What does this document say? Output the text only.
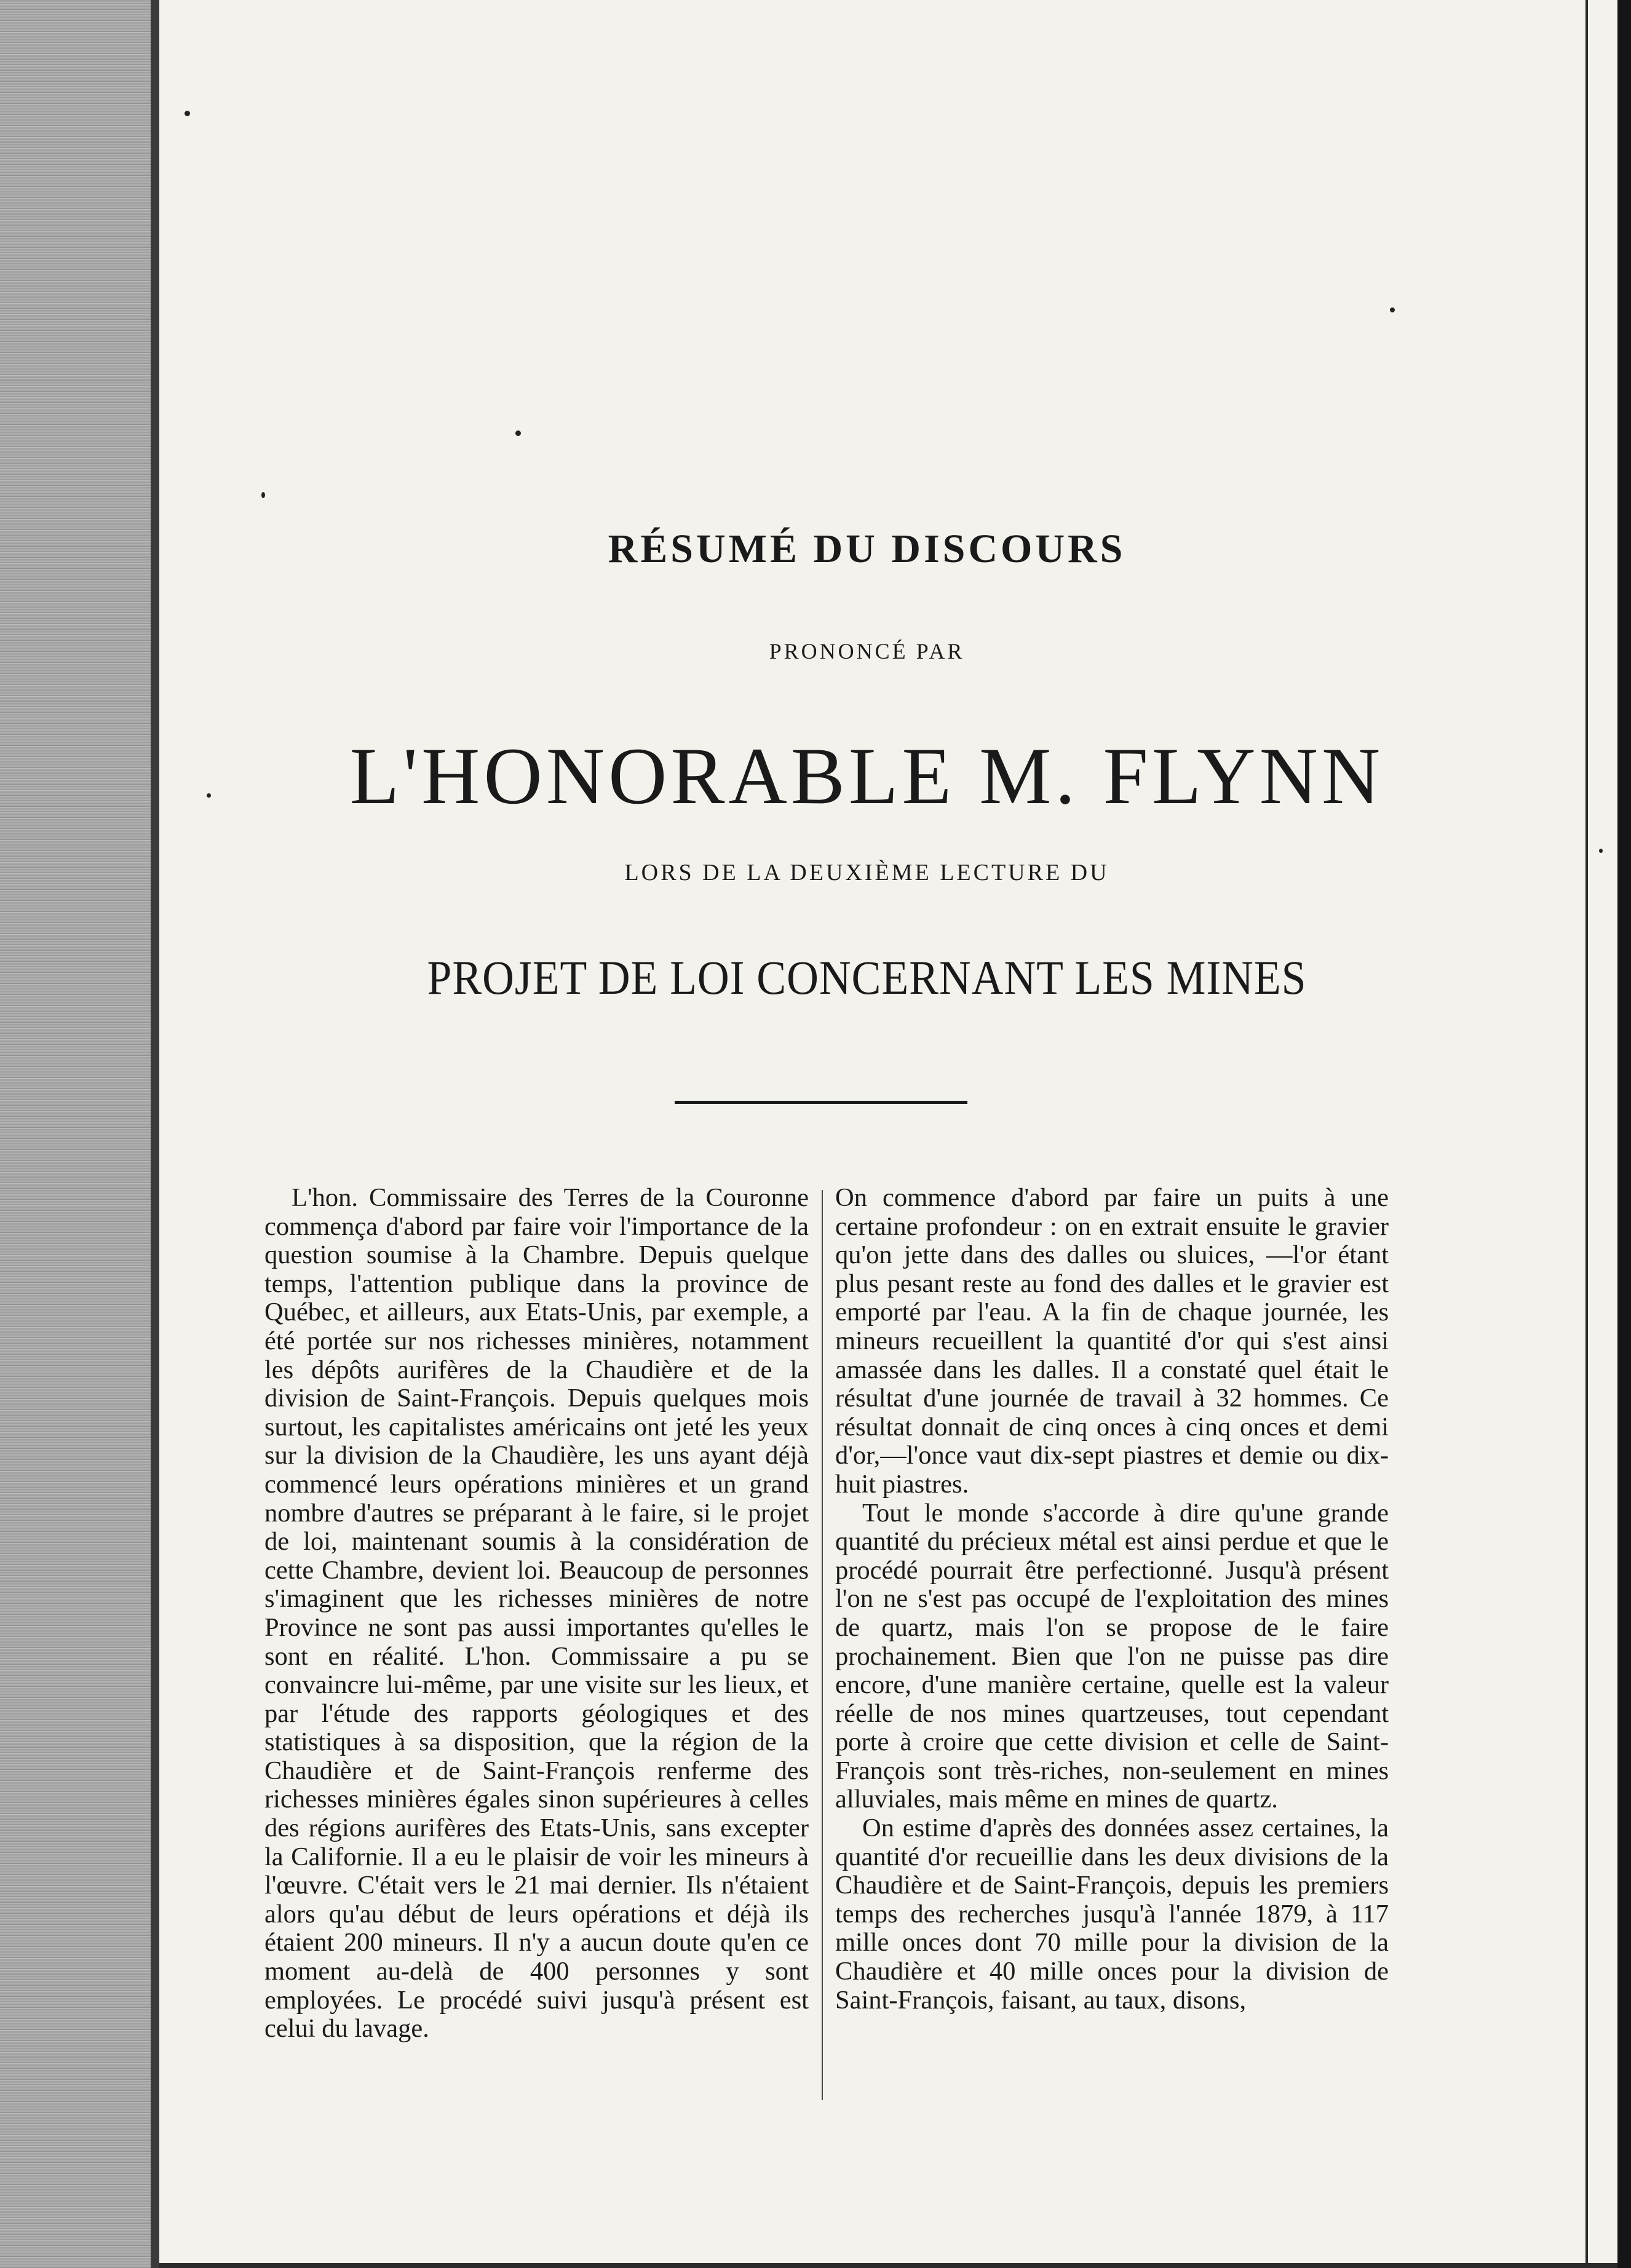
RÉSUMÉ DU DISCOURS
PRONONCÉ PAR
L'HONORABLE M. FLYNN
LORS DE LA DEUXIÈME LECTURE DU
PROJET DE LOI CONCERNANT LES MINES

L'hon. Commissaire des Terres de la Couronne commença d'abord par faire voir l'importance de la question soumise à la Chambre. Depuis quelque temps, l'attention publique dans la province de Québec, et ailleurs, aux Etats-Unis, par exemple, a été portée sur nos richesses minières, notamment les dépôts aurifères de la Chaudière et de la division de Saint-François. Depuis quelques mois surtout, les capitalistes américains ont jeté les yeux sur la division de la Chaudière, les uns ayant déjà commencé leurs opérations minières et un grand nombre d'autres se préparant à le faire, si le projet de loi, maintenant soumis à la considération de cette Chambre, devient loi. Beaucoup de personnes s'imaginent que les richesses minières de notre Province ne sont pas aussi importantes qu'elles le sont en réalité. L'hon. Commissaire a pu se convaincre lui-même, par une visite sur les lieux, et par l'étude des rapports géologiques et des statistiques à sa disposition, que la région de la Chaudière et de Saint-François renferme des richesses minières égales sinon supérieures à celles des régions aurifères des Etats-Unis, sans excepter la Californie. Il a eu le plaisir de voir les mineurs à l'œuvre. C'était vers le 21 mai dernier. Ils n'étaient alors qu'au début de leurs opérations et déjà ils étaient 200 mineurs. Il n'y a aucun doute qu'en ce moment au-delà de 400 personnes y sont employées. Le procédé suivi jusqu'à présent est celui du lavage.

On commence d'abord par faire un puits à une certaine profondeur : on en extrait ensuite le gravier qu'on jette dans des dalles ou sluices, —l'or étant plus pesant reste au fond des dalles et le gravier est emporté par l'eau. A la fin de chaque journée, les mineurs recueillent la quantité d'or qui s'est ainsi amassée dans les dalles. Il a constaté quel était le résultat d'une journée de travail à 32 hommes. Ce résultat donnait de cinq onces à cinq onces et demi d'or,—l'once vaut dix-sept piastres et demie ou dix-huit piastres.

Tout le monde s'accorde à dire qu'une grande quantité du précieux métal est ainsi perdue et que le procédé pourrait être perfectionné. Jusqu'à présent l'on ne s'est pas occupé de l'exploitation des mines de quartz, mais l'on se propose de le faire prochainement. Bien que l'on ne puisse pas dire encore, d'une manière certaine, quelle est la valeur réelle de nos mines quartzeuses, tout cependant porte à croire que cette division et celle de Saint-François sont très-riches, non-seulement en mines alluviales, mais même en mines de quartz.

On estime d'après des données assez certaines, la quantité d'or recueillie dans les deux divisions de la Chaudière et de Saint-François, depuis les premiers temps des recherches jusqu'à l'année 1879, à 117 mille onces dont 70 mille pour la division de la Chaudière et 40 mille onces pour la division de Saint-François, faisant, au taux, disons,
